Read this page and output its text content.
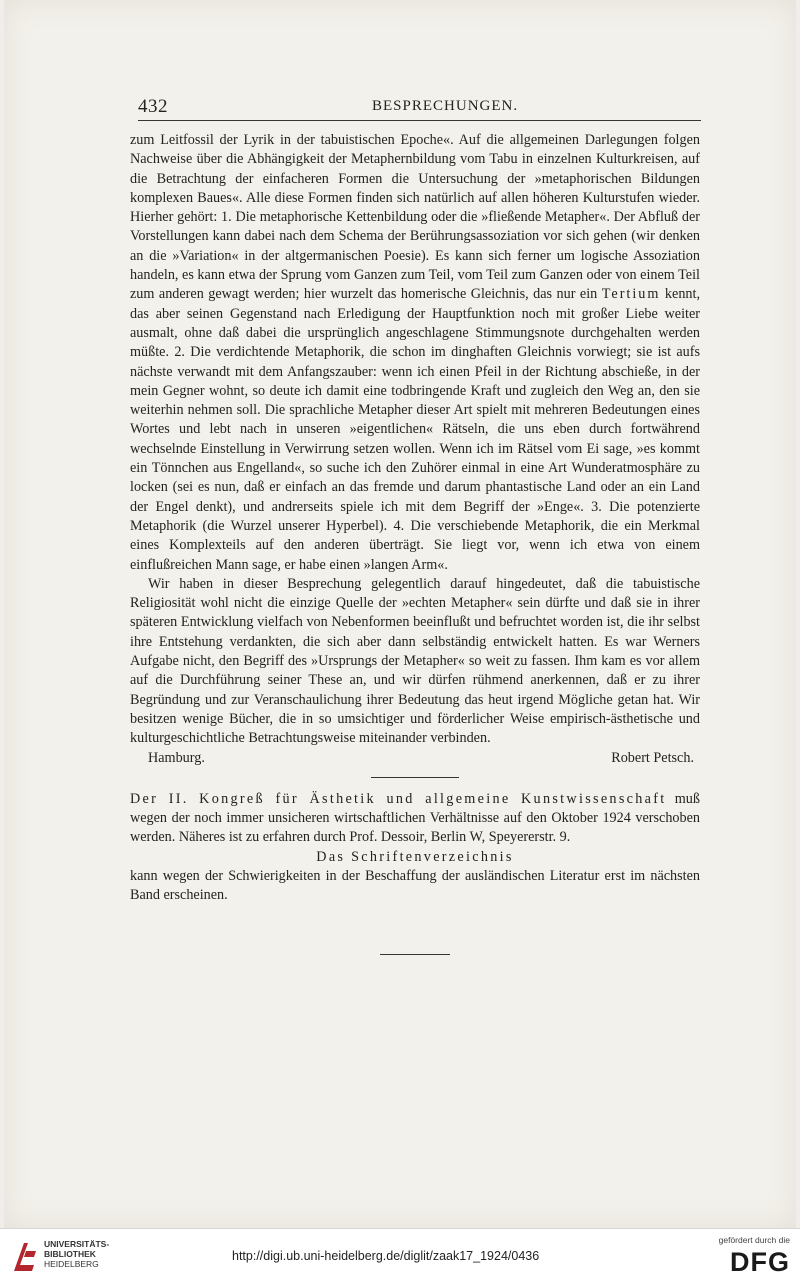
432	BESPRECHUNGEN.

zum Leitfossil der Lyrik in der tabuistischen Epoche«. Auf die allgemeinen Darlegungen folgen Nachweise über die Abhängigkeit der Metaphernbildung vom Tabu in einzelnen Kulturkreisen, auf die Betrachtung der einfacheren Formen die Untersuchung der »metaphorischen Bildungen komplexen Baues«. Alle diese Formen finden sich natürlich auf allen höheren Kulturstufen wieder. Hierher gehört: 1. Die metaphorische Kettenbildung oder die »fließende Metapher«. Der Abfluß der Vorstellungen kann dabei nach dem Schema der Berührungsassoziation vor sich gehen (wir denken an die »Variation« in der altgermanischen Poesie). Es kann sich ferner um logische Assoziation handeln, es kann etwa der Sprung vom Ganzen zum Teil, vom Teil zum Ganzen oder von einem Teil zum anderen gewagt werden; hier wurzelt das homerische Gleichnis, das nur ein Tertium kennt, das aber seinen Gegenstand nach Erledigung der Hauptfunktion noch mit großer Liebe weiter ausmalt, ohne daß dabei die ursprünglich angeschlagene Stimmungsnote durchgehalten werden müßte. 2. Die verdichtende Metaphorik, die schon im dinghaften Gleichnis vorwiegt; sie ist aufs nächste verwandt mit dem Anfangszauber: wenn ich einen Pfeil in der Richtung abschieße, in der mein Gegner wohnt, so deute ich damit eine todbringende Kraft und zugleich den Weg an, den sie weiterhin nehmen soll. Die sprachliche Metapher dieser Art spielt mit mehreren Bedeutungen eines Wortes und lebt nach in unseren »eigentlichen« Rätseln, die uns eben durch fortwährend wechselnde Einstellung in Verwirrung setzen wollen. Wenn ich im Rätsel vom Ei sage, »es kommt ein Tönnchen aus Engelland«, so suche ich den Zuhörer einmal in eine Art Wunderatmosphäre zu locken (sei es nun, daß er einfach an das fremde und darum phantastische Land oder an ein Land der Engel denkt), und andrerseits spiele ich mit dem Begriff der »Enge«. 3. Die potenzierte Metaphorik (die Wurzel unserer Hyperbel). 4. Die verschiebende Metaphorik, die ein Merkmal eines Komplexteils auf den anderen überträgt. Sie liegt vor, wenn ich etwa von einem einflußreichen Mann sage, er habe einen »langen Arm«.

Wir haben in dieser Besprechung gelegentlich darauf hingedeutet, daß die tabuistische Religiosität wohl nicht die einzige Quelle der »echten Metapher« sein dürfte und daß sie in ihrer späteren Entwicklung vielfach von Nebenformen beeinflußt und befruchtet worden ist, die ihr selbst ihre Entstehung verdankten, die sich aber dann selbständig entwickelt hatten. Es war Werners Aufgabe nicht, den Begriff des »Ursprungs der Metapher« so weit zu fassen. Ihm kam es vor allem auf die Durchführung seiner These an, und wir dürfen rühmend anerkennen, daß er zu ihrer Begründung und zur Veranschaulichung ihrer Bedeutung das heut irgend Mögliche getan hat. Wir besitzen wenige Bücher, die in so umsichtiger und förderlicher Weise empirisch-ästhetische und kulturgeschichtliche Betrachtungsweise miteinander verbinden.

Hamburg.	Robert Petsch.

Der II. Kongreß für Ästhetik und allgemeine Kunstwissenschaft muß wegen der noch immer unsicheren wirtschaftlichen Verhältnisse auf den Oktober 1924 verschoben werden. Näheres ist zu erfahren durch Prof. Dessoir, Berlin W, Speyererstr. 9.

Das Schriftenverzeichnis

kann wegen der Schwierigkeiten in der Beschaffung der ausländischen Literatur erst im nächsten Band erscheinen.

UNIVERSITÄTS-
BIBLIOTHEK
HEIDELBERG
http://digi.ub.uni-heidelberg.de/diglit/zaak17_1924/0436
gefördert durch die
DFG
